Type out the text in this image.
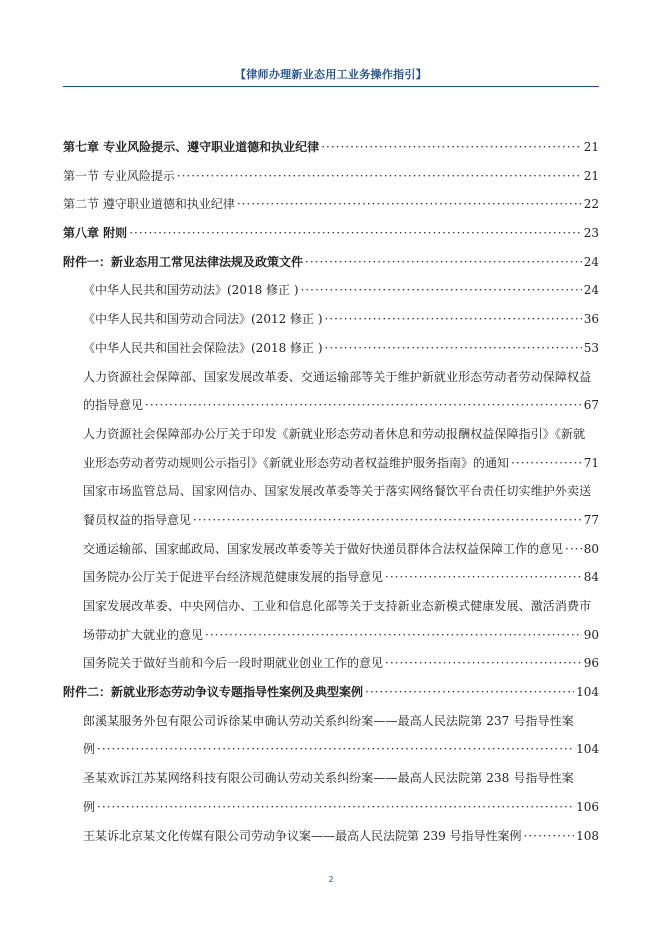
【律师办理新业态用工业务操作指引】
第七章 专业风险提示、遵守职业道德和执业纪律 ·····	21
第一节 专业风险提示 ·····	21
第二节 遵守职业道德和执业纪律 ·····	22
第八章 附则 ·····	23
附件一：新业态用工常见法律法规及政策文件 ·····	24
《中华人民共和国劳动法》(2018 修正 ) ·····	24
《中华人民共和国劳动合同法》(2012 修正 ) ·····	36
《中华人民共和国社会保险法》(2018 修正 ) ·····	53
人力资源社会保障部、国家发展改革委、交通运输部等关于维护新就业形态劳动者劳动保障权益
的指导意见 ·····	67
人力资源社会保障部办公厅关于印发《新就业形态劳动者休息和劳动报酬权益保障指引》《新就
业形态劳动者劳动规则公示指引》《新就业形态劳动者权益维护服务指南》的通知 ·····	71
国家市场监管总局、国家网信办、国家发展改革委等关于落实网络餐饮平台责任切实维护外卖送
餐员权益的指导意见 ·····	77
交通运输部、国家邮政局、国家发展改革委等关于做好快递员群体合法权益保障工作的意见 ····· 80
国务院办公厅关于促进平台经济规范健康发展的指导意见 ·····	84
国家发展改革委、中央网信办、工业和信息化部等关于支持新业态新模式健康发展、激活消费市
场带动扩大就业的意见 ·····	90
国务院关于做好当前和今后一段时期就业创业工作的意见 ·····	96
附件二：新就业形态劳动争议专题指导性案例及典型案例 ·····	104
郎溪某服务外包有限公司诉徐某申确认劳动关系纠纷案——最高人民法院第 237 号指导性案
例 ·····	104
圣某欢诉江苏某网络科技有限公司确认劳动关系纠纷案——最高人民法院第 238 号指导性案
例 ·····	106
王某诉北京某文化传媒有限公司劳动争议案——最高人民法院第 239 号指导性案例 ·····	108
2
